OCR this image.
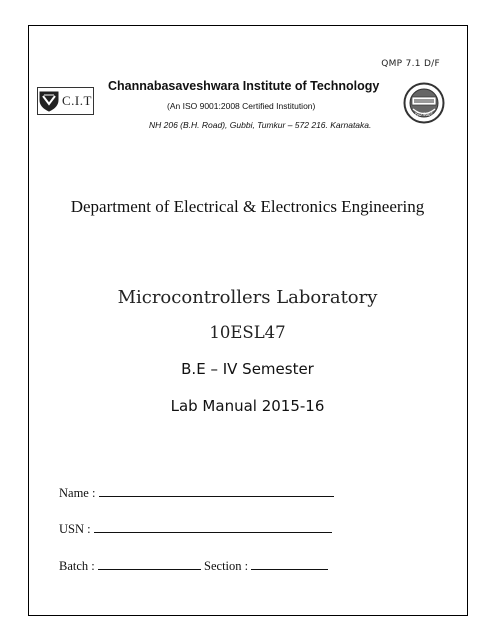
QMP 7.1 D/F
C.I.T
Channabasaveshwara Institute of Technology
(An ISO 9001:2008 Certified Institution)
NH 206 (B.H. Road), Gubbi, Tumkur – 572 216. Karnataka.
ISO 9001
Department of Electrical & Electronics Engineering
Microcontrollers Laboratory
10ESL47
B.E – IV Semester
Lab Manual 2015-16
Name :
USN :
Batch :	Section :
